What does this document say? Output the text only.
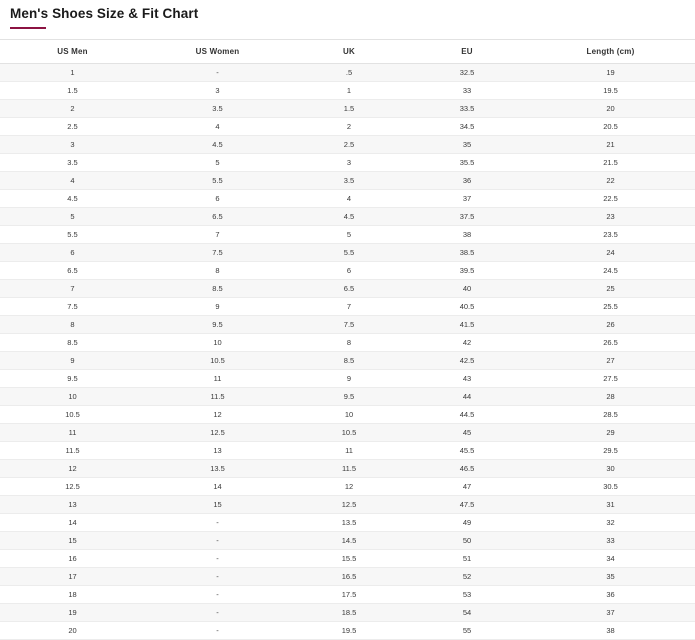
Men's Shoes Size & Fit Chart
US Men	US Women	UK	EU	Length (cm)
1	-	.5	32.5	19
1.5	3	1	33	19.5
2	3.5	1.5	33.5	20
2.5	4	2	34.5	20.5
3	4.5	2.5	35	21
3.5	5	3	35.5	21.5
4	5.5	3.5	36	22
4.5	6	4	37	22.5
5	6.5	4.5	37.5	23
5.5	7	5	38	23.5
6	7.5	5.5	38.5	24
6.5	8	6	39.5	24.5
7	8.5	6.5	40	25
7.5	9	7	40.5	25.5
8	9.5	7.5	41.5	26
8.5	10	8	42	26.5
9	10.5	8.5	42.5	27
9.5	11	9	43	27.5
10	11.5	9.5	44	28
10.5	12	10	44.5	28.5
11	12.5	10.5	45	29
11.5	13	11	45.5	29.5
12	13.5	11.5	46.5	30
12.5	14	12	47	30.5
13	15	12.5	47.5	31
14	-	13.5	49	32
15	-	14.5	50	33
16	-	15.5	51	34
17	-	16.5	52	35
18	-	17.5	53	36
19	-	18.5	54	37
20	-	19.5	55	38
